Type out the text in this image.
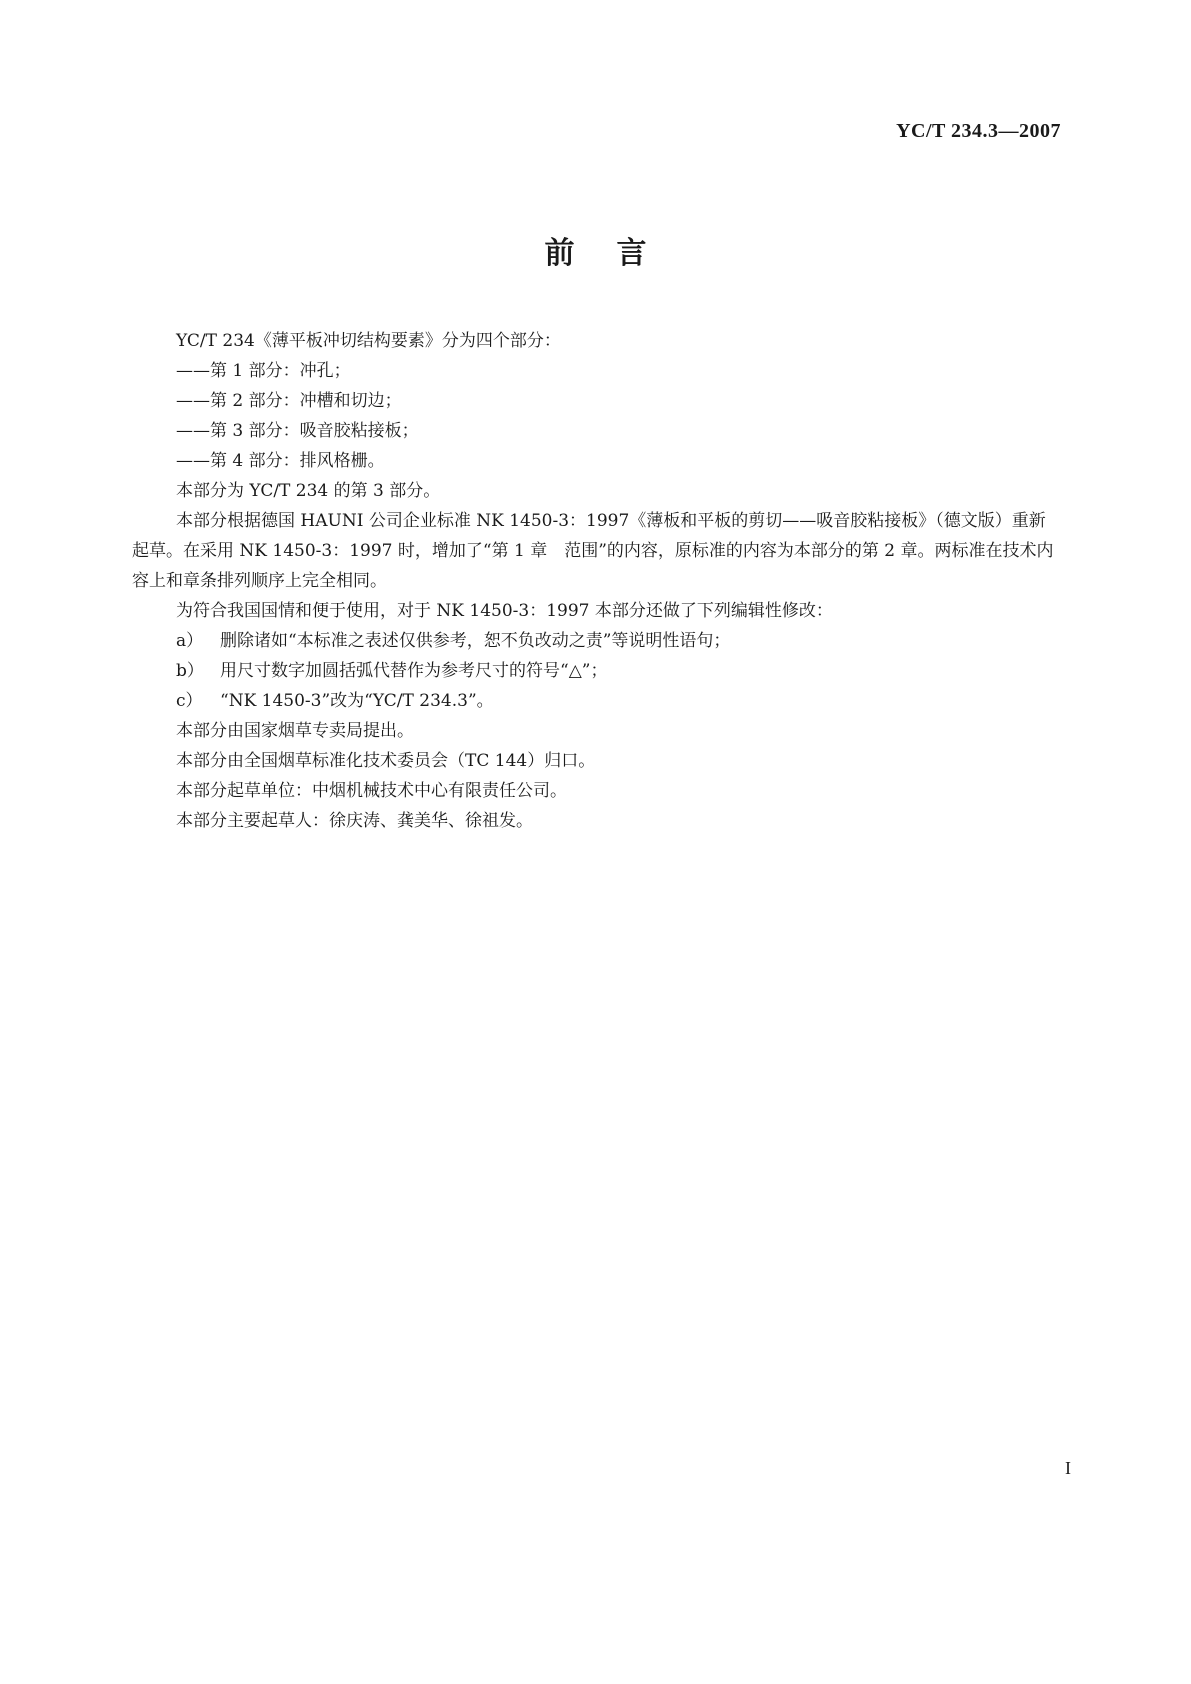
YC/T 234.3—2007
前言

YC/T 234《薄平板冲切结构要素》分为四个部分：

——第 1 部分：冲孔；

——第 2 部分：冲槽和切边；

——第 3 部分：吸音胶粘接板；

——第 4 部分：排风格栅。

本部分为 YC/T 234 的第 3 部分。

本部分根据德国 HAUNI 公司企业标准 NK 1450-3：1997《薄板和平板的剪切——吸音胶粘接板》（德文版）重新起草。在采用 NK 1450-3：1997 时，增加了“第 1 章　范围”的内容，原标准的内容为本部分的第 2 章。两标准在技术内容上和章条排列顺序上完全相同。

为符合我国国情和便于使用，对于 NK 1450-3：1997 本部分还做了下列编辑性修改：

a） 删除诸如“本标准之表述仅供参考，恕不负改动之责”等说明性语句；
b） 用尺寸数字加圆括弧代替作为参考尺寸的符号“△”；
c）	“NK 1450-3”改为“YC/T 234.3”。

本部分由国家烟草专卖局提出。

本部分由全国烟草标准化技术委员会（TC 144）归口。

本部分起草单位：中烟机械技术中心有限责任公司。

本部分主要起草人：徐庆涛、龚美华、徐祖发。

I
